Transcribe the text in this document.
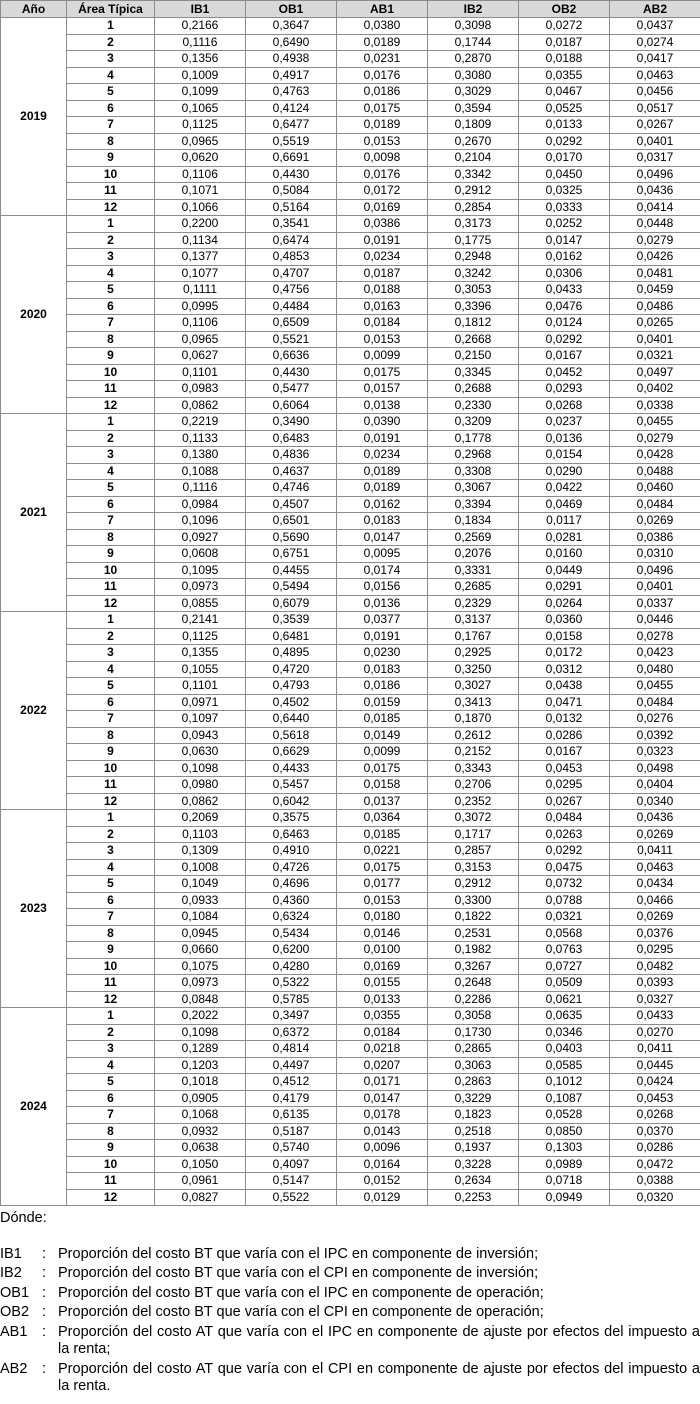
Año	Área Típica	IB1	OB1	AB1	IB2	OB2	AB2
2019	1	0,2166	0,3647	0,0380	0,3098	0,0272	0,0437
	2	0,1116	0,6490	0,0189	0,1744	0,0187	0,0274
	3	0,1356	0,4938	0,0231	0,2870	0,0188	0,0417
	4	0,1009	0,4917	0,0176	0,3080	0,0355	0,0463
	5	0,1099	0,4763	0,0186	0,3029	0,0467	0,0456
	6	0,1065	0,4124	0,0175	0,3594	0,0525	0,0517
	7	0,1125	0,6477	0,0189	0,1809	0,0133	0,0267
	8	0,0965	0,5519	0,0153	0,2670	0,0292	0,0401
	9	0,0620	0,6691	0,0098	0,2104	0,0170	0,0317
	10	0,1106	0,4430	0,0176	0,3342	0,0450	0,0496
	11	0,1071	0,5084	0,0172	0,2912	0,0325	0,0436
	12	0,1066	0,5164	0,0169	0,2854	0,0333	0,0414
2020	1	0,2200	0,3541	0,0386	0,3173	0,0252	0,0448
	2	0,1134	0,6474	0,0191	0,1775	0,0147	0,0279
	3	0,1377	0,4853	0,0234	0,2948	0,0162	0,0426
	4	0,1077	0,4707	0,0187	0,3242	0,0306	0,0481
	5	0,1111	0,4756	0,0188	0,3053	0,0433	0,0459
	6	0,0995	0,4484	0,0163	0,3396	0,0476	0,0486
	7	0,1106	0,6509	0,0184	0,1812	0,0124	0,0265
	8	0,0965	0,5521	0,0153	0,2668	0,0292	0,0401
	9	0,0627	0,6636	0,0099	0,2150	0,0167	0,0321
	10	0,1101	0,4430	0,0175	0,3345	0,0452	0,0497
	11	0,0983	0,5477	0,0157	0,2688	0,0293	0,0402
	12	0,0862	0,6064	0,0138	0,2330	0,0268	0,0338
2021	1	0,2219	0,3490	0,0390	0,3209	0,0237	0,0455
	2	0,1133	0,6483	0,0191	0,1778	0,0136	0,0279
	3	0,1380	0,4836	0,0234	0,2968	0,0154	0,0428
	4	0,1088	0,4637	0,0189	0,3308	0,0290	0,0488
	5	0,1116	0,4746	0,0189	0,3067	0,0422	0,0460
	6	0,0984	0,4507	0,0162	0,3394	0,0469	0,0484
	7	0,1096	0,6501	0,0183	0,1834	0,0117	0,0269
	8	0,0927	0,5690	0,0147	0,2569	0,0281	0,0386
	9	0,0608	0,6751	0,0095	0,2076	0,0160	0,0310
	10	0,1095	0,4455	0,0174	0,3331	0,0449	0,0496
	11	0,0973	0,5494	0,0156	0,2685	0,0291	0,0401
	12	0,0855	0,6079	0,0136	0,2329	0,0264	0,0337
2022	1	0,2141	0,3539	0,0377	0,3137	0,0360	0,0446
	2	0,1125	0,6481	0,0191	0,1767	0,0158	0,0278
	3	0,1355	0,4895	0,0230	0,2925	0,0172	0,0423
	4	0,1055	0,4720	0,0183	0,3250	0,0312	0,0480
	5	0,1101	0,4793	0,0186	0,3027	0,0438	0,0455
	6	0,0971	0,4502	0,0159	0,3413	0,0471	0,0484
	7	0,1097	0,6440	0,0185	0,1870	0,0132	0,0276
	8	0,0943	0,5618	0,0149	0,2612	0,0286	0,0392
	9	0,0630	0,6629	0,0099	0,2152	0,0167	0,0323
	10	0,1098	0,4433	0,0175	0,3343	0,0453	0,0498
	11	0,0980	0,5457	0,0158	0,2706	0,0295	0,0404
	12	0,0862	0,6042	0,0137	0,2352	0,0267	0,0340
2023	1	0,2069	0,3575	0,0364	0,3072	0,0484	0,0436
	2	0,1103	0,6463	0,0185	0,1717	0,0263	0,0269
	3	0,1309	0,4910	0,0221	0,2857	0,0292	0,0411
	4	0,1008	0,4726	0,0175	0,3153	0,0475	0,0463
	5	0,1049	0,4696	0,0177	0,2912	0,0732	0,0434
	6	0,0933	0,4360	0,0153	0,3300	0,0788	0,0466
	7	0,1084	0,6324	0,0180	0,1822	0,0321	0,0269
	8	0,0945	0,5434	0,0146	0,2531	0,0568	0,0376
	9	0,0660	0,6200	0,0100	0,1982	0,0763	0,0295
	10	0,1075	0,4280	0,0169	0,3267	0,0727	0,0482
	11	0,0973	0,5322	0,0155	0,2648	0,0509	0,0393
	12	0,0848	0,5785	0,0133	0,2286	0,0621	0,0327
2024	1	0,2022	0,3497	0,0355	0,3058	0,0635	0,0433
	2	0,1098	0,6372	0,0184	0,1730	0,0346	0,0270
	3	0,1289	0,4814	0,0218	0,2865	0,0403	0,0411
	4	0,1203	0,4497	0,0207	0,3063	0,0585	0,0445
	5	0,1018	0,4512	0,0171	0,2863	0,1012	0,0424
	6	0,0905	0,4179	0,0147	0,3229	0,1087	0,0453
	7	0,1068	0,6135	0,0178	0,1823	0,0528	0,0268
	8	0,0932	0,5187	0,0143	0,2518	0,0850	0,0370
	9	0,0638	0,5740	0,0096	0,1937	0,1303	0,0286
	10	0,1050	0,4097	0,0164	0,3228	0,0989	0,0472
	11	0,0961	0,5147	0,0152	0,2634	0,0718	0,0388
	12	0,0827	0,5522	0,0129	0,2253	0,0949	0,0320
Dónde:
IB1	: Proporción del costo BT que varía con el IPC en componente de inversión;
IB2	: Proporción del costo BT que varía con el CPI en componente de inversión;
OB1 : Proporción del costo BT que varía con el IPC en componente de operación;
OB2 : Proporción del costo BT que varía con el CPI en componente de operación;
AB1	: Proporción del costo AT que varía con el IPC en componente de ajuste por efectos del impuesto a la renta;
AB2	: Proporción del costo AT que varía con el CPI en componente de ajuste por efectos del impuesto a la renta.
